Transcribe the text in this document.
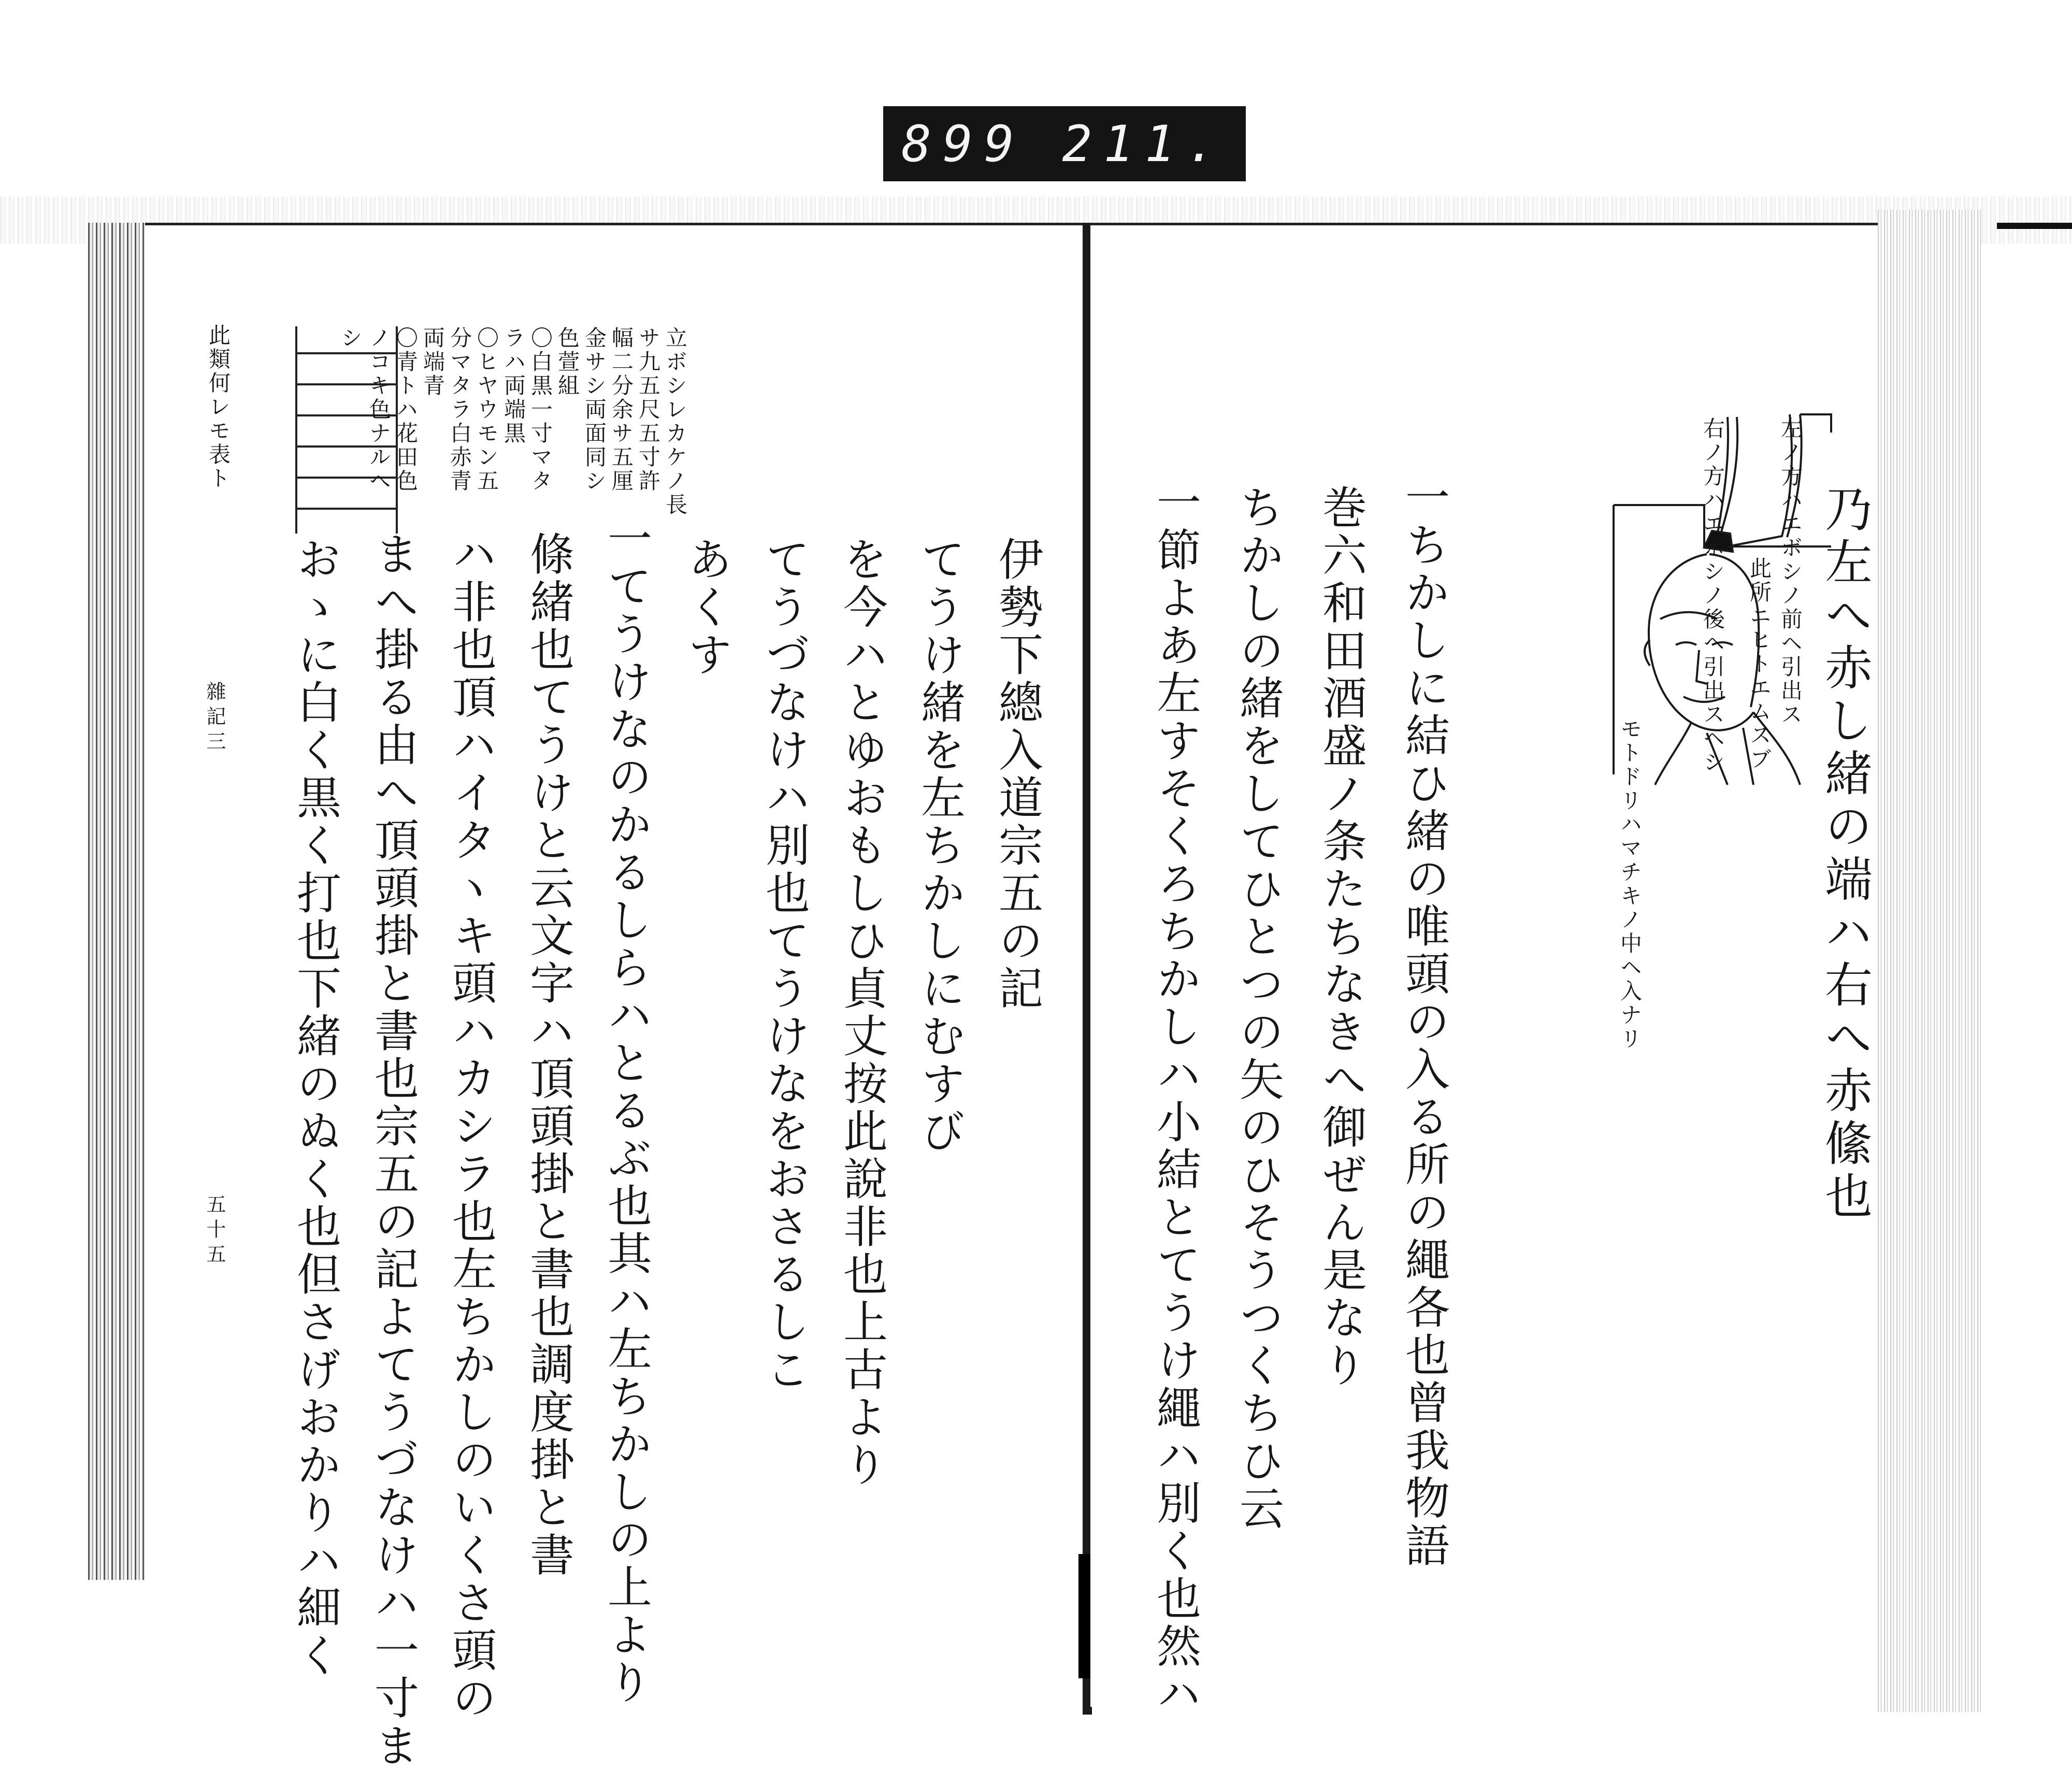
899 211.
此類何レモ表ト	シ ノコキ色ナルへ 〇青トハ花田色 両端青 分マタラ白赤青 〇ヒヤウモン五 ラハ両端黒 〇白黒一寸マタ 色萱組 金サシ両面同シ 幅二分余サ五厘 サ九五尺五寸許 立ボシレカケノ長
伊勢下總入道宗五の記
てうけ緒を左ちかしにむすび
を今ハとゆおもしひ貞丈按此說非也上古より
てうづなけハ別也てうけなをおさるしこ
あくす
一てうけなのかるしらハとるぶ也其ハ左ちかしの上より
條緒也てうけと云文字ハ頂頭掛と書也調度掛と書
ハ非也頂ハイタヽキ頭ハカシラ也左ちかしのいくさ頭の
まへ掛る由へ頂頭掛と書也宗五の記よてうづなけハ一寸ま
おゝに白く黒く打也下緒のぬく也但さげおかりハ細く
雜記三
五十五
乃左へ赤し緒の端ハ右へ赤絛也
左ノ方ハエボシノ前ヘ引出ス
右ノ方ハエボシノ後ヘ引出スヘシ 此所ニヒトエムスブ
モトドリハマチキノ中ヘ入ナリ
一ちかしに結ひ緒の唯頭の入る所の繩各也曾我物語
巻六和田酒盛ノ条たちなきへ御ぜん是なり
ちかしの緒をしてひとつの矢のひそうつくちひ云
一節よあ左すそくろちかしハ小結とてうけ繩ハ別く也然ハ
